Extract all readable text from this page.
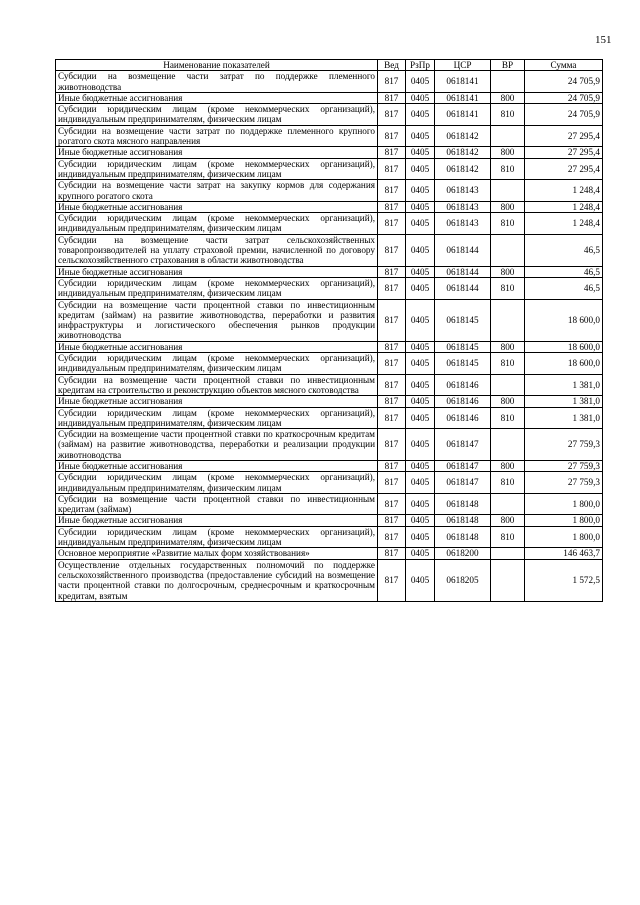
151
Наименование показателей	Вед	РзПр	ЦСР	ВР	Сумма
Субсидии на возмещение части затрат по поддержке племенного животноводства	817	0405	0618141		24 705,9
Иные бюджетные ассигнования	817	0405	0618141	800	24 705,9
Субсидии юридическим лицам (кроме некоммерческих организаций), индивидуальным предпринимателям, физическим лицам	817	0405	0618141	810	24 705,9
Субсидии на возмещение части затрат по поддержке племенного крупного рогатого скота мясного направления	817	0405	0618142		27 295,4
Иные бюджетные ассигнования	817	0405	0618142	800	27 295,4
Субсидии юридическим лицам (кроме некоммерческих организаций), индивидуальным предпринимателям, физическим лицам	817	0405	0618142	810	27 295,4
Субсидии на возмещение части затрат на закупку кормов для содержания крупного рогатого скота	817	0405	0618143		1 248,4
Иные бюджетные ассигнования	817	0405	0618143	800	1 248,4
Субсидии юридическим лицам (кроме некоммерческих организаций), индивидуальным предпринимателям, физическим лицам	817	0405	0618143	810	1 248,4
Субсидии на возмещение части затрат сельскохозяйственных товаропроизводителей на уплату страховой премии, начисленной по договору сельскохозяйственного страхования в области животноводства	817	0405	0618144		46,5
Иные бюджетные ассигнования	817	0405	0618144	800	46,5
Субсидии юридическим лицам (кроме некоммерческих организаций), индивидуальным предпринимателям, физическим лицам	817	0405	0618144	810	46,5
Субсидии на возмещение части процентной ставки по инвестиционным кредитам (займам) на развитие животноводства, переработки и развития инфраструктуры и логистического обеспечения рынков продукции животноводства	817	0405	0618145		18 600,0
Иные бюджетные ассигнования	817	0405	0618145	800	18 600,0
Субсидии юридическим лицам (кроме некоммерческих организаций), индивидуальным предпринимателям, физическим лицам	817	0405	0618145	810	18 600,0
Субсидии на возмещение части процентной ставки по инвестиционным кредитам на строительство и реконструкцию объектов мясного скотоводства	817	0405	0618146		1 381,0
Иные бюджетные ассигнования	817	0405	0618146	800	1 381,0
Субсидии юридическим лицам (кроме некоммерческих организаций), индивидуальным предпринимателям, физическим лицам	817	0405	0618146	810	1 381,0
Субсидии на возмещение части процентной ставки по краткосрочным кредитам (займам) на развитие животноводства, переработки и реализации продукции животноводства	817	0405	0618147		27 759,3
Иные бюджетные ассигнования	817	0405	0618147	800	27 759,3
Субсидии юридическим лицам (кроме некоммерческих организаций), индивидуальным предпринимателям, физическим лицам	817	0405	0618147	810	27 759,3
Субсидии на возмещение части процентной ставки по инвестиционным кредитам (займам)	817	0405	0618148		1 800,0
Иные бюджетные ассигнования	817	0405	0618148	800	1 800,0
Субсидии юридическим лицам (кроме некоммерческих организаций), индивидуальным предпринимателям, физическим лицам	817	0405	0618148	810	1 800,0
Основное мероприятие «Развитие малых форм хозяйствования»	817	0405	0618200		146 463,7
Осуществление отдельных государственных полномочий по поддержке сельскохозяйственного производства (предоставление субсидий на возмещение части процентной ставки по долгосрочным, среднесрочным и краткосрочным кредитам, взятым	817	0405	0618205		1 572,5
